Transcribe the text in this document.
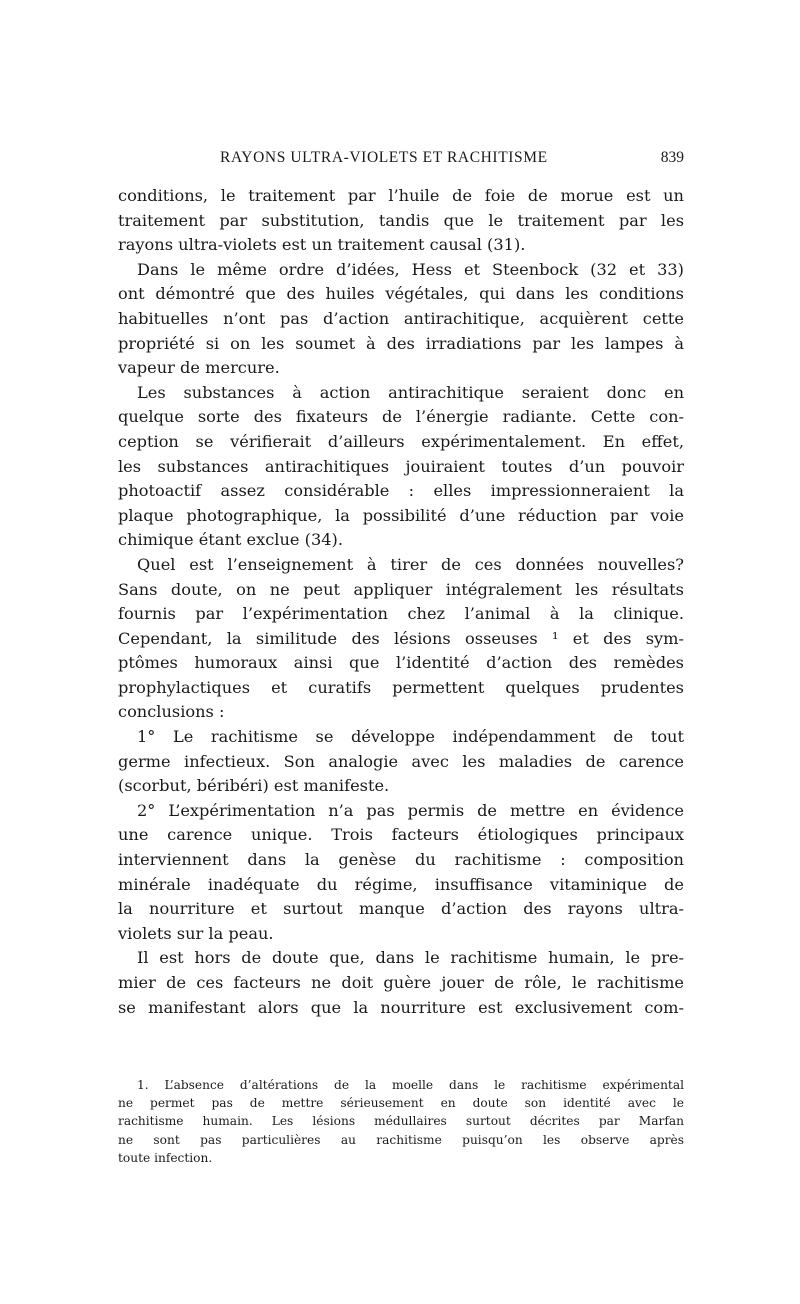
RAYONS ULTRA-VIOLETS ET RACHITISME	839

conditions, le traitement par l’huile de foie de morue est un
traitement par substitution, tandis que le traitement par les
rayons ultra-violets est un traitement causal (31).

Dans le même ordre d’idées, Hess et Steenbock (32 et 33)
ont démontré que des huiles végétales, qui dans les conditions
habituelles n’ont pas d’action antirachitique, acquièrent cette
propriété si on les soumet à des irradiations par les lampes à
vapeur de mercure.

Les substances à action antirachitique seraient donc en
quelque sorte des fixateurs de l’énergie radiante. Cette con-
ception se vérifierait d’ailleurs expérimentalement. En effet,
les substances antirachitiques jouiraient toutes d’un pouvoir
photoactif assez considérable : elles impressionneraient la
plaque photographique, la possibilité d’une réduction par voie
chimique étant exclue (34).

Quel est l’enseignement à tirer de ces données nouvelles?
Sans doute, on ne peut appliquer intégralement les résultats
fournis par l’expérimentation chez l’animal à la clinique.
Cependant, la similitude des lésions osseuses ¹ et des sym-
ptômes humoraux ainsi que l’identité d’action des remèdes
prophylactiques et curatifs permettent quelques prudentes
conclusions :

1° Le rachitisme se développe indépendamment de tout
germe infectieux. Son analogie avec les maladies de carence
(scorbut, béribéri) est manifeste.

2° L’expérimentation n’a pas permis de mettre en évidence
une carence unique. Trois facteurs étiologiques principaux
interviennent dans la genèse du rachitisme : composition
minérale inadéquate du régime, insuffisance vitaminique de
la nourriture et surtout manque d’action des rayons ultra-
violets sur la peau.

Il est hors de doute que, dans le rachitisme humain, le pre-
mier de ces facteurs ne doit guère jouer de rôle, le rachitisme
se manifestant alors que la nourriture est exclusivement com-

1. L’absence d’altérations de la moelle dans le rachitisme expérimental
ne permet pas de mettre sérieusement en doute son identité avec le
rachitisme humain. Les lésions médullaires surtout décrites par Marfan
ne sont pas particulières au rachitisme puisqu’on les observe après
toute infection.
